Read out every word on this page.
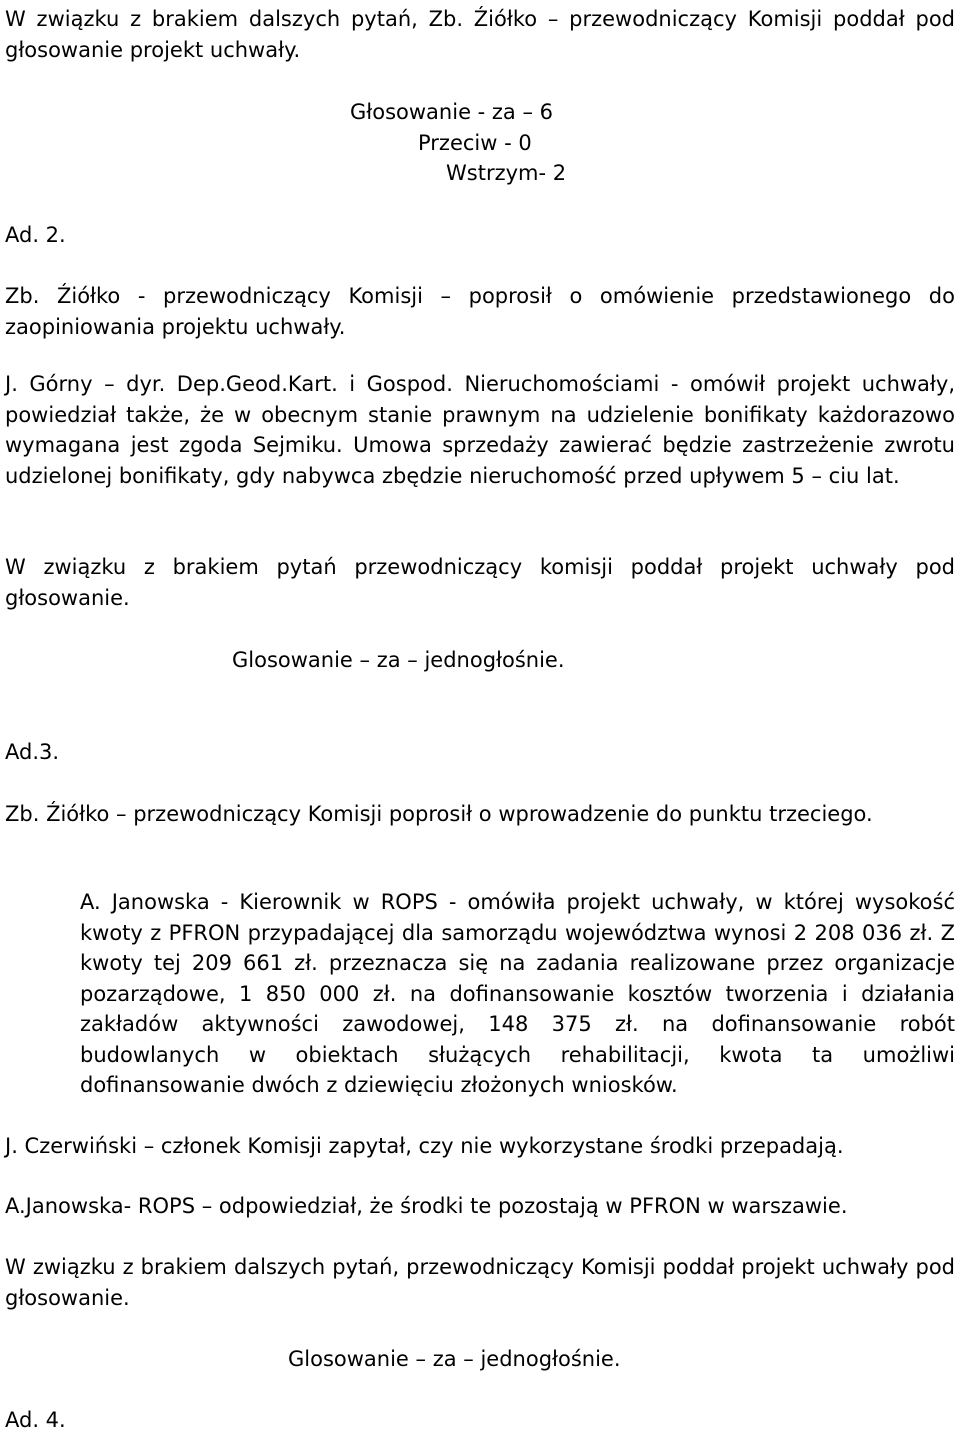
W związku z brakiem dalszych pytań, Zb. Źiółko – przewodniczący Komisji poddał pod głosowanie projekt uchwały.

Głosowanie - za – 6

Przeciw - 0

Wstrzym- 2

Ad. 2.

Zb. Źiółko - przewodniczący Komisji – poprosił o omówienie przedstawionego do zaopiniowania projektu uchwały.

J. Górny – dyr. Dep.Geod.Kart. i Gospod. Nieruchomościami - omówił projekt uchwały, powiedział także, że w obecnym stanie prawnym na udzielenie bonifikaty każdorazowo wymagana jest zgoda Sejmiku. Umowa sprzedaży zawierać będzie zastrzeżenie zwrotu udzielonej bonifikaty, gdy nabywca zbędzie nieruchomość przed upływem 5 – ciu lat.

W związku z brakiem pytań przewodniczący komisji poddał projekt uchwały pod głosowanie.

Glosowanie – za – jednogłośnie.

Ad.3.

Zb. Źiółko – przewodniczący Komisji poprosił o wprowadzenie do punktu trzeciego.

A. Janowska - Kierownik w ROPS - omówiła projekt uchwały, w której wysokość kwoty z PFRON przypadającej dla samorządu województwa wynosi 2 208 036 zł. Z kwoty tej 209 661 zł. przeznacza się na zadania realizowane przez organizacje pozarządowe, 1 850 000 zł. na dofinansowanie kosztów tworzenia i działania zakładów aktywności zawodowej, 148 375 zł. na dofinansowanie robót budowlanych w obiektach służących rehabilitacji, kwota ta umożliwi dofinansowanie dwóch z dziewięciu złożonych wniosków.

J. Czerwiński – członek Komisji zapytał, czy nie wykorzystane środki przepadają.

A.Janowska- ROPS – odpowiedział, że środki te pozostają w PFRON w warszawie.

W związku z brakiem dalszych pytań, przewodniczący Komisji poddał projekt uchwały pod głosowanie.

Glosowanie – za – jednogłośnie.

Ad. 4.
